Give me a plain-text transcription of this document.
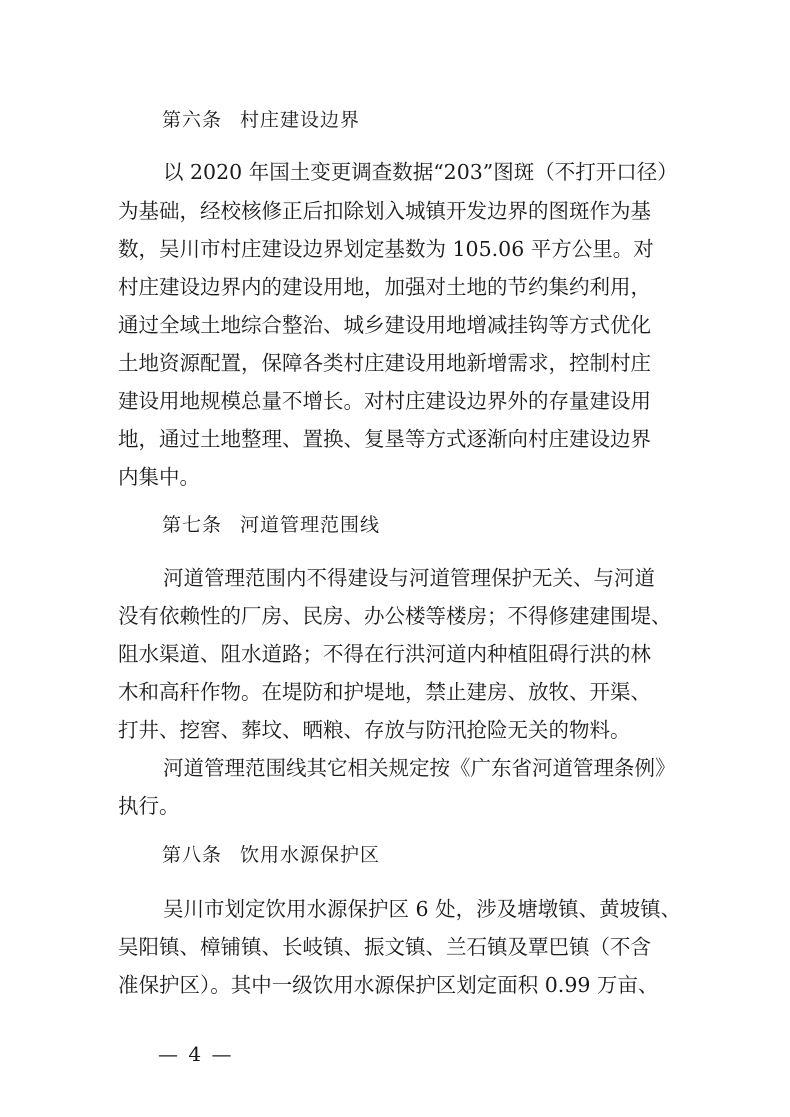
第六条 村庄建设边界
以 2020 年国土变更调查数据“203”图斑（不打开口径）
为基础，经校核修正后扣除划入城镇开发边界的图斑作为基
数，吴川市村庄建设边界划定基数为 105.06 平方公里。对
村庄建设边界内的建设用地，加强对土地的节约集约利用，
通过全域土地综合整治、城乡建设用地增减挂钩等方式优化
土地资源配置，保障各类村庄建设用地新增需求，控制村庄
建设用地规模总量不增长。对村庄建设边界外的存量建设用
地，通过土地整理、置换、复垦等方式逐渐向村庄建设边界
内集中。
第七条 河道管理范围线
河道管理范围内不得建设与河道管理保护无关、与河道
没有依赖性的厂房、民房、办公楼等楼房；不得修建建围堤、
阻水渠道、阻水道路；不得在行洪河道内种植阻碍行洪的林
木和高秆作物。在堤防和护堤地，禁止建房、放牧、开渠、
打井、挖窖、葬坟、晒粮、存放与防汛抢险无关的物料。
河道管理范围线其它相关规定按《广东省河道管理条例》
执行。
第八条 饮用水源保护区
吴川市划定饮用水源保护区 6 处，涉及塘墩镇、黄坡镇、
吴阳镇、樟铺镇、长岐镇、振文镇、兰石镇及覃巴镇（不含
准保护区）。其中一级饮用水源保护区划定面积 0.99 万亩、
— 4 —
